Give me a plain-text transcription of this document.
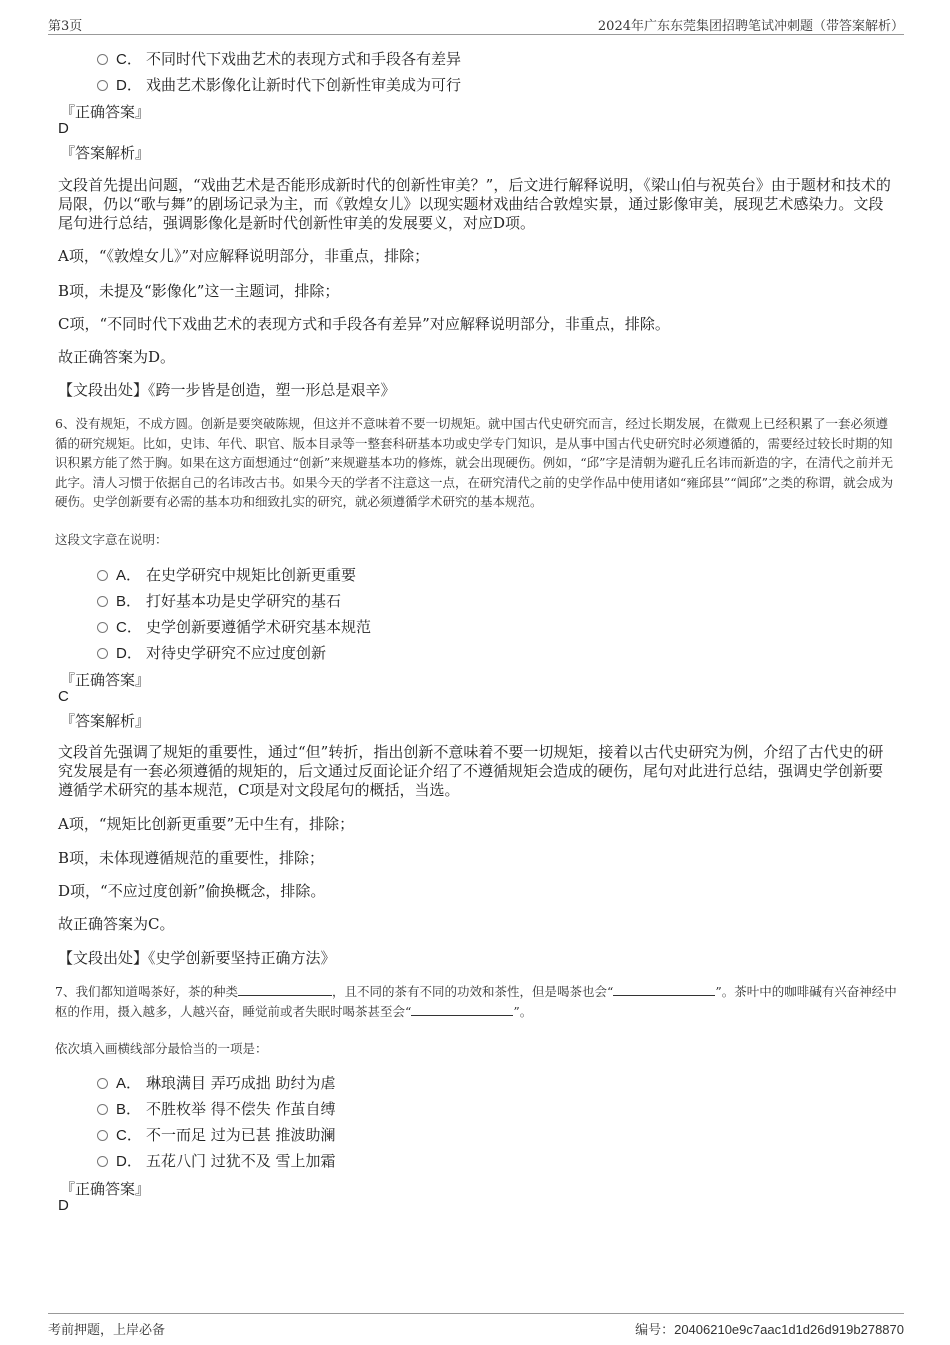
第3页	2024年广东东莞集团招聘笔试冲刺题（带答案解析）
C． 不同时代下戏曲艺术的表现方式和手段各有差异
D． 戏曲艺术影像化让新时代下创新性审美成为可行
『正确答案』
D
『答案解析』
文段首先提出问题，“戏曲艺术是否能形成新时代的创新性审美？”，后文进行解释说明，《梁山伯与祝英台》由于题材和技术的局限，仍以“歌与舞”的剧场记录为主，而《敦煌女儿》以现实题材戏曲结合敦煌实景，通过影像审美，展现艺术感染力。文段尾句进行总结，强调影像化是新时代创新性审美的发展要义，对应D项。
A项，“《敦煌女儿》”对应解释说明部分，非重点，排除；
B项，未提及“影像化”这一主题词，排除；
C项，“不同时代下戏曲艺术的表现方式和手段各有差异”对应解释说明部分，非重点，排除。
故正确答案为D。
【文段出处】《跨一步皆是创造，塑一形总是艰辛》
6、没有规矩，不成方圆。创新是要突破陈规，但这并不意味着不要一切规矩。就中国古代史研究而言，经过长期发展，在微观上已经积累了一套必须遵循的研究规矩。比如，史讳、年代、职官、版本目录等一整套科研基本功或史学专门知识，是从事中国古代史研究时必须遵循的，需要经过较长时期的知识积累方能了然于胸。如果在这方面想通过“创新”来规避基本功的修炼，就会出现硬伤。例如，“邱”字是清朝为避孔丘名讳而新造的字，在清代之前并无此字。清人习惯于依据自己的名讳改古书。如果今天的学者不注意这一点，在研究清代之前的史学作品中使用诸如“雍邱县”“阊邱”之类的称谓，就会成为硬伤。史学创新要有必需的基本功和细致扎实的研究，就必须遵循学术研究的基本规范。
这段文字意在说明：
A． 在史学研究中规矩比创新更重要
B． 打好基本功是史学研究的基石
C． 史学创新要遵循学术研究基本规范
D． 对待史学研究不应过度创新
『正确答案』
C
『答案解析』
文段首先强调了规矩的重要性，通过“但”转折，指出创新不意味着不要一切规矩，接着以古代史研究为例，介绍了古代史的研究发展是有一套必须遵循的规矩的，后文通过反面论证介绍了不遵循规矩会造成的硬伤，尾句对此进行总结，强调史学创新要遵循学术研究的基本规范，C项是对文段尾句的概括，当选。
A项，“规矩比创新更重要”无中生有，排除；
B项，未体现遵循规范的重要性，排除；
D项，“不应过度创新”偷换概念，排除。
故正确答案为C。
【文段出处】《史学创新要坚持正确方法》
7、我们都知道喝茶好，茶的种类	，且不同的茶有不同的功效和茶性，但是喝茶也会“	”。茶叶中的咖啡碱有兴奋神经中枢的作用，摄入越多，人越兴奋，睡觉前或者失眠时喝茶甚至会“	”。
依次填入画横线部分最恰当的一项是：
A． 琳琅满目 弄巧成拙 助纣为虐
B． 不胜枚举 得不偿失 作茧自缚
C． 不一而足 过为已甚 推波助澜
D． 五花八门 过犹不及 雪上加霜
『正确答案』
D
考前押题，上岸必备	编号：20406210e9c7aac1d1d26d919b278870
